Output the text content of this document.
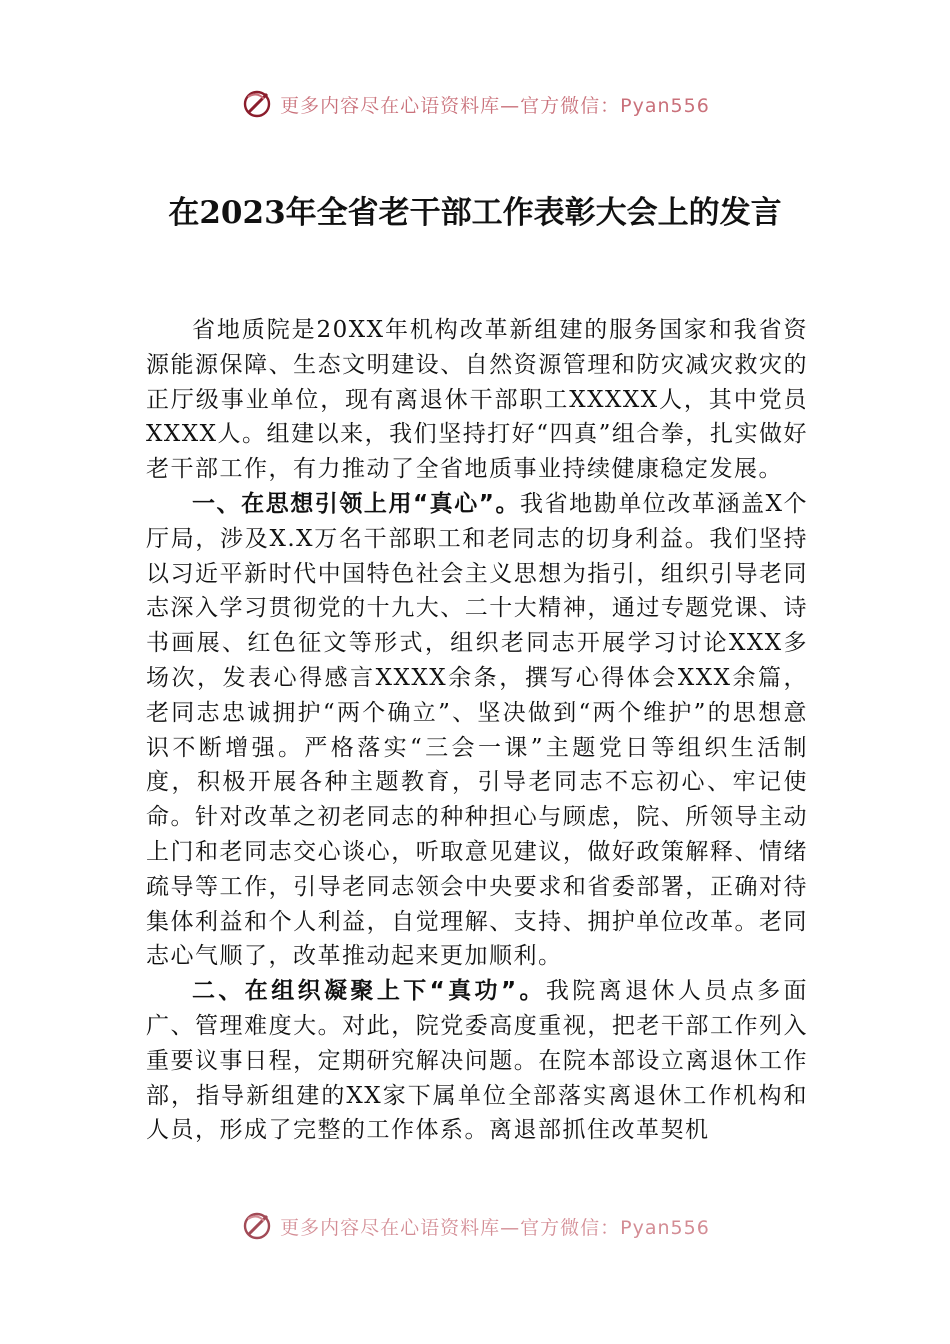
更多内容尽在心语资料库—官方微信：Pyan556
在2023年全省老干部工作表彰大会上的发言

省地质院是20XX年机构改革新组建的服务国家和我省资源能源保障、生态文明建设、自然资源管理和防灾减灾救灾的正厅级事业单位，现有离退休干部职工XXXXX人，其中党员XXXX人。组建以来，我们坚持打好“四真”组合拳，扎实做好老干部工作，有力推动了全省地质事业持续健康稳定发展。

一、在思想引领上用“真心”。我省地勘单位改革涵盖X个厅局，涉及X.X万名干部职工和老同志的切身利益。我们坚持以习近平新时代中国特色社会主义思想为指引，组织引导老同志深入学习贯彻党的十九大、二十大精神，通过专题党课、诗书画展、红色征文等形式，组织老同志开展学习讨论XXX多场次，发表心得感言XXXX余条，撰写心得体会XXX余篇，老同志忠诚拥护“两个确立”、坚决做到“两个维护”的思想意识不断增强。严格落实“三会一课”主题党日等组织生活制度，积极开展各种主题教育，引导老同志不忘初心、牢记使命。针对改革之初老同志的种种担心与顾虑，院、所领导主动上门和老同志交心谈心，听取意见建议，做好政策解释、情绪疏导等工作，引导老同志领会中央要求和省委部署，正确对待集体利益和个人利益，自觉理解、支持、拥护单位改革。老同志心气顺了，改革推动起来更加顺利。

二、在组织凝聚上下“真功”。我院离退休人员点多面广、管理难度大。对此，院党委高度重视，把老干部工作列入重要议事日程，定期研究解决问题。在院本部设立离退休工作部，指导新组建的XX家下属单位全部落实离退休工作机构和人员，形成了完整的工作体系。离退部抓住改革契机

更多内容尽在心语资料库—官方微信：Pyan556
